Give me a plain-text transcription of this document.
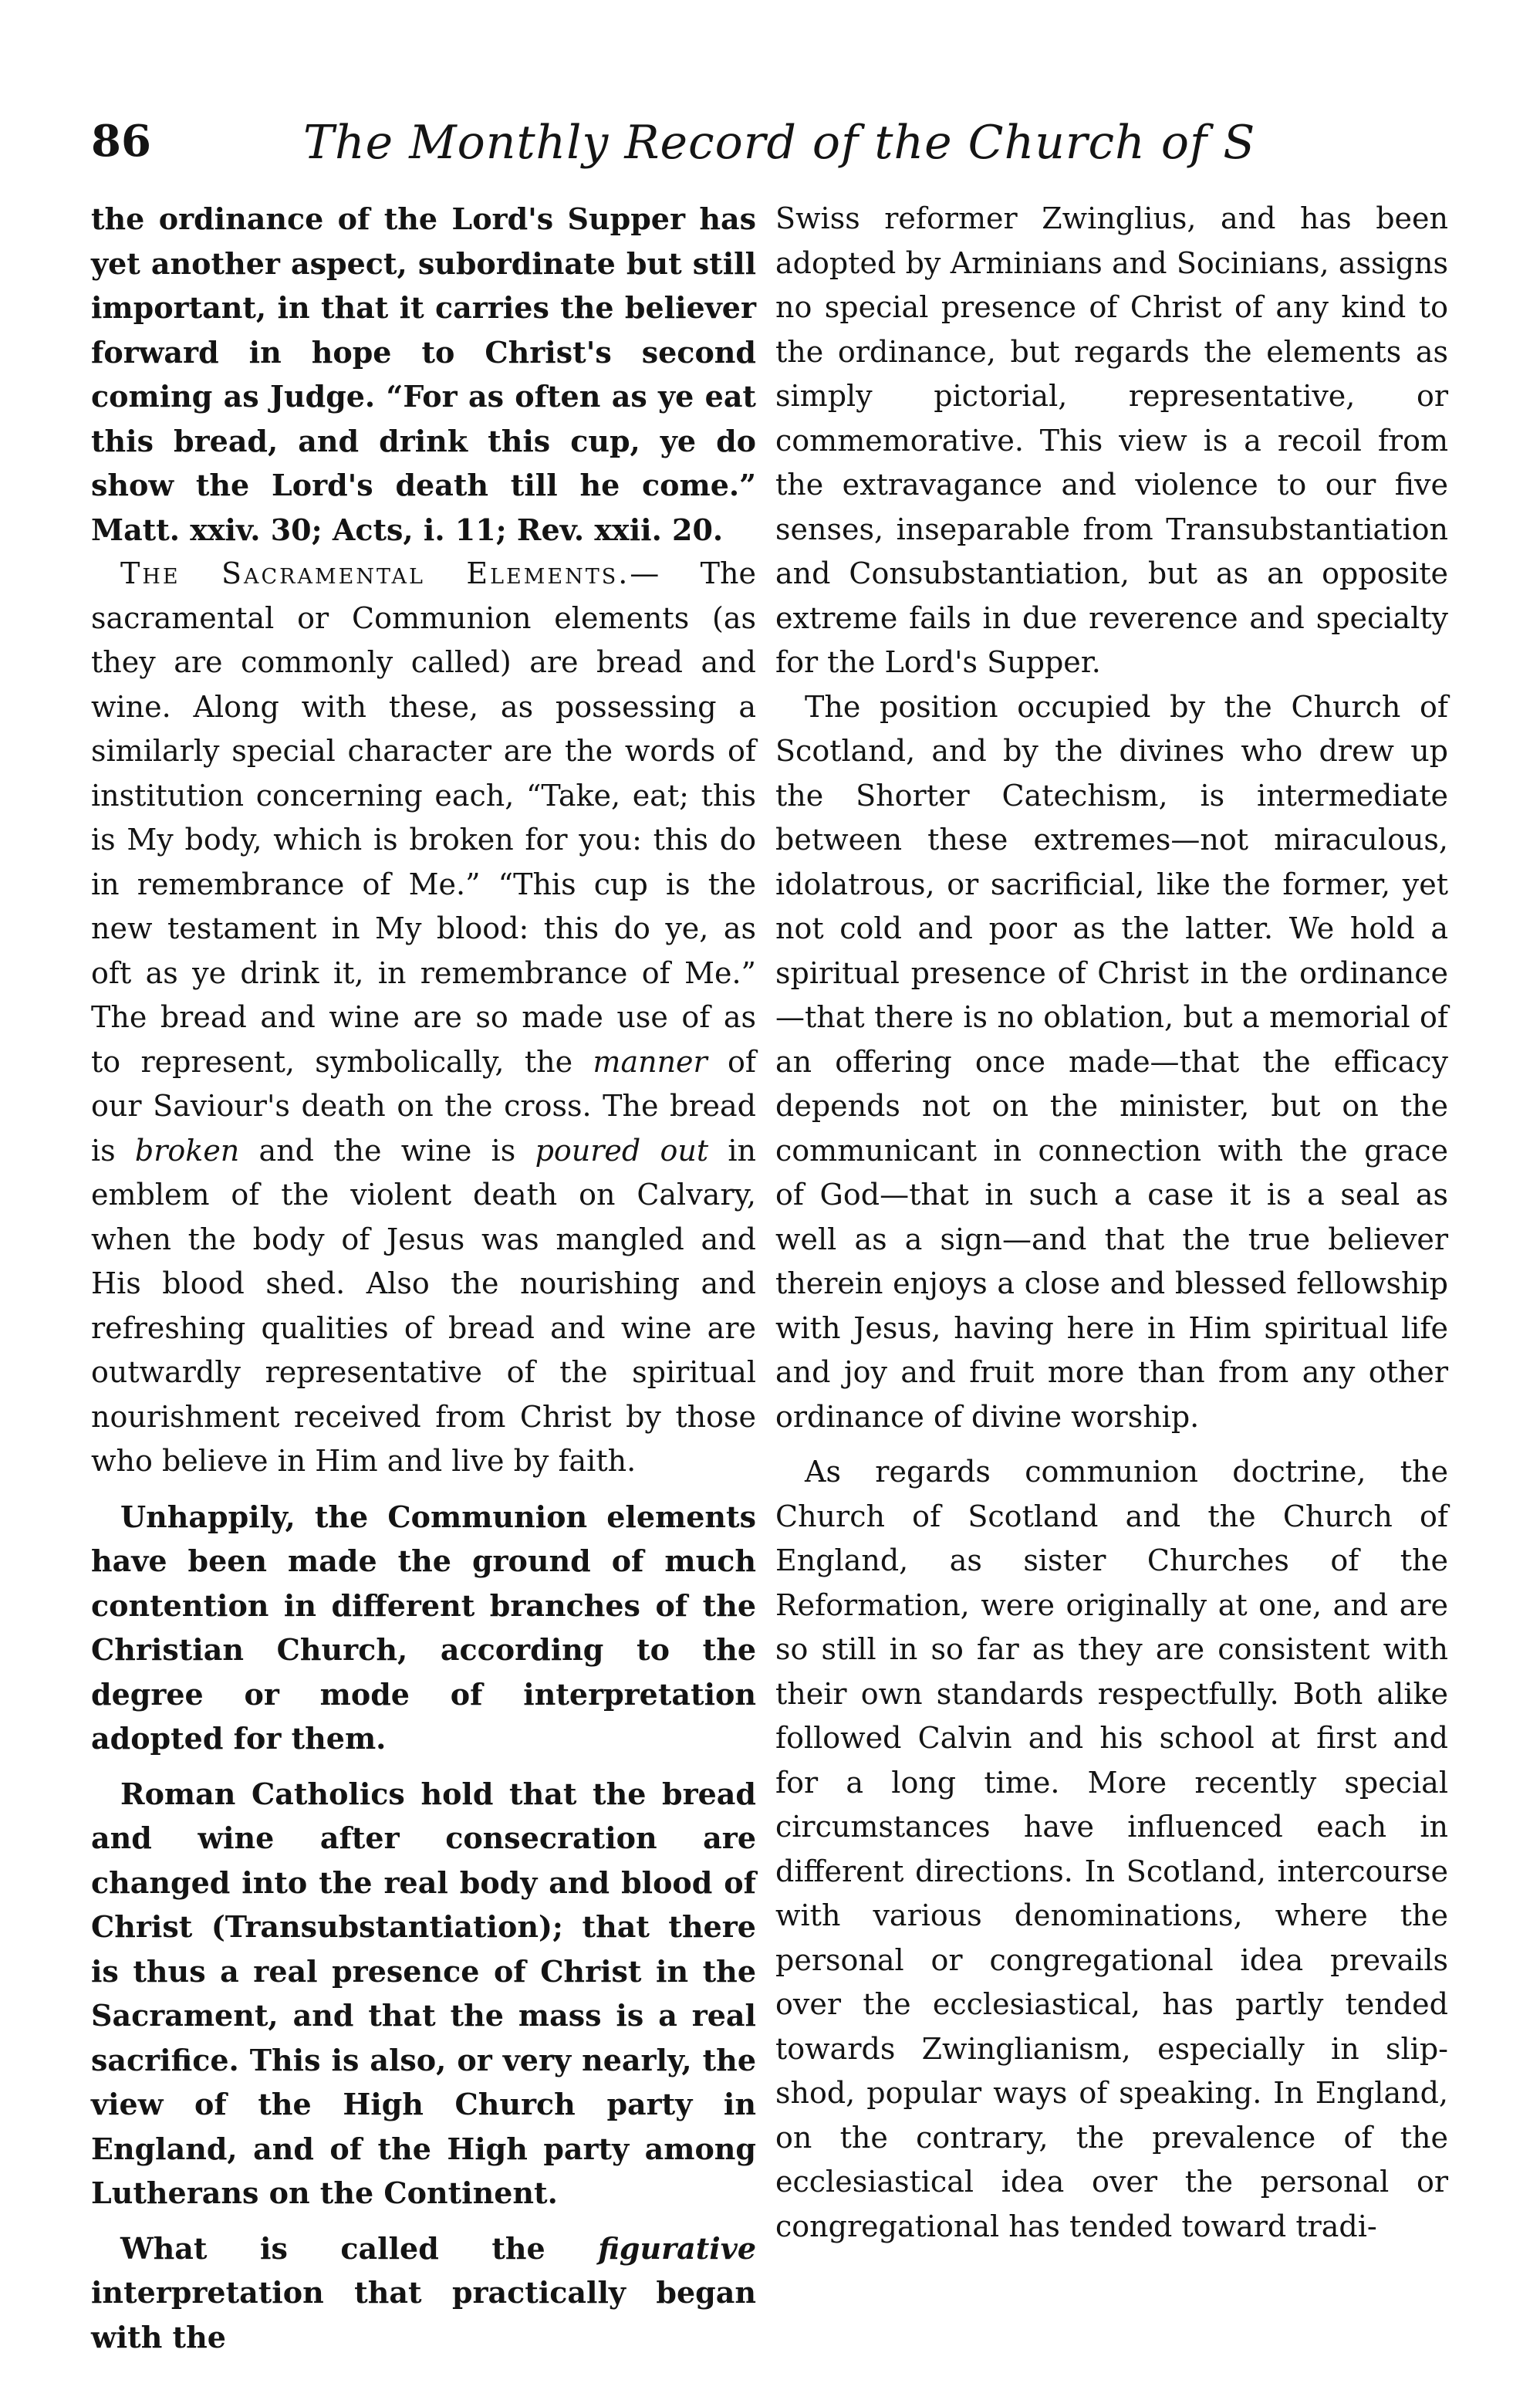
86	The Monthly Record of the Church of S

the ordinance of the Lord's Supper has yet another aspect, subordinate but still important, in that it carries the believer forward in hope to Christ's second coming as Judge. “For as often as ye eat this bread, and drink this cup, ye do show the Lord's death till he come.” Matt. xxiv. 30; Acts, i. 11; Rev. xxii. 20.

The Sacramental Elements.— The sacramental or Communion elements (as they are commonly called) are bread and wine. Along with these, as possessing a similarly special character are the words of institution concerning each, “Take, eat; this is My body, which is broken for you: this do in remembrance of Me.” “This cup is the new testament in My blood: this do ye, as oft as ye drink it, in remembrance of Me.” The bread and wine are so made use of as to represent, symbolically, the manner of our Saviour's death on the cross. The bread is broken and the wine is poured out in emblem of the violent death on Calvary, when the body of Jesus was mangled and His blood shed. Also the nourishing and refreshing qualities of bread and wine are outwardly representative of the spiritual nourishment received from Christ by those who believe in Him and live by faith.

Unhappily, the Communion elements have been made the ground of much contention in different branches of the Christian Church, according to the degree or mode of interpretation adopted for them.

Roman Catholics hold that the bread and wine after consecration are changed into the real body and blood of Christ (Transubstantiation); that there is thus a real presence of Christ in the Sacrament, and that the mass is a real sacrifice. This is also, or very nearly, the view of the High Church party in England, and of the High party among Lutherans on the Continent.

What is called the figurative interpretation that practically began with the

Swiss reformer Zwinglius, and has been adopted by Arminians and Socinians, assigns no special presence of Christ of any kind to the ordinance, but regards the elements as simply pictorial, representative, or commemorative. This view is a recoil from the extravagance and violence to our five senses, inseparable from Transubstantiation and Consubstantiation, but as an opposite extreme fails in due reverence and specialty for the Lord's Supper.

The position occupied by the Church of Scotland, and by the divines who drew up the Shorter Catechism, is intermediate between these extremes—not miraculous, idolatrous, or sacrificial, like the former, yet not cold and poor as the latter. We hold a spiritual presence of Christ in the ordinance—that there is no oblation, but a memorial of an offering once made—that the efficacy depends not on the minister, but on the communicant in connection with the grace of God—that in such a case it is a seal as well as a sign—and that the true believer therein enjoys a close and blessed fellowship with Jesus, having here in Him spiritual life and joy and fruit more than from any other ordinance of divine worship.

As regards communion doctrine, the Church of Scotland and the Church of England, as sister Churches of the Reformation, were originally at one, and are so still in so far as they are consistent with their own standards respectfully. Both alike followed Calvin and his school at first and for a long time. More recently special circumstances have influenced each in different directions. In Scotland, intercourse with various denominations, where the personal or congregational idea prevails over the ecclesiastical, has partly tended towards Zwinglianism, especially in slip-shod, popular ways of speaking. In England, on the contrary, the prevalence of the ecclesiastical idea over the personal or congregational has tended toward tradi-
